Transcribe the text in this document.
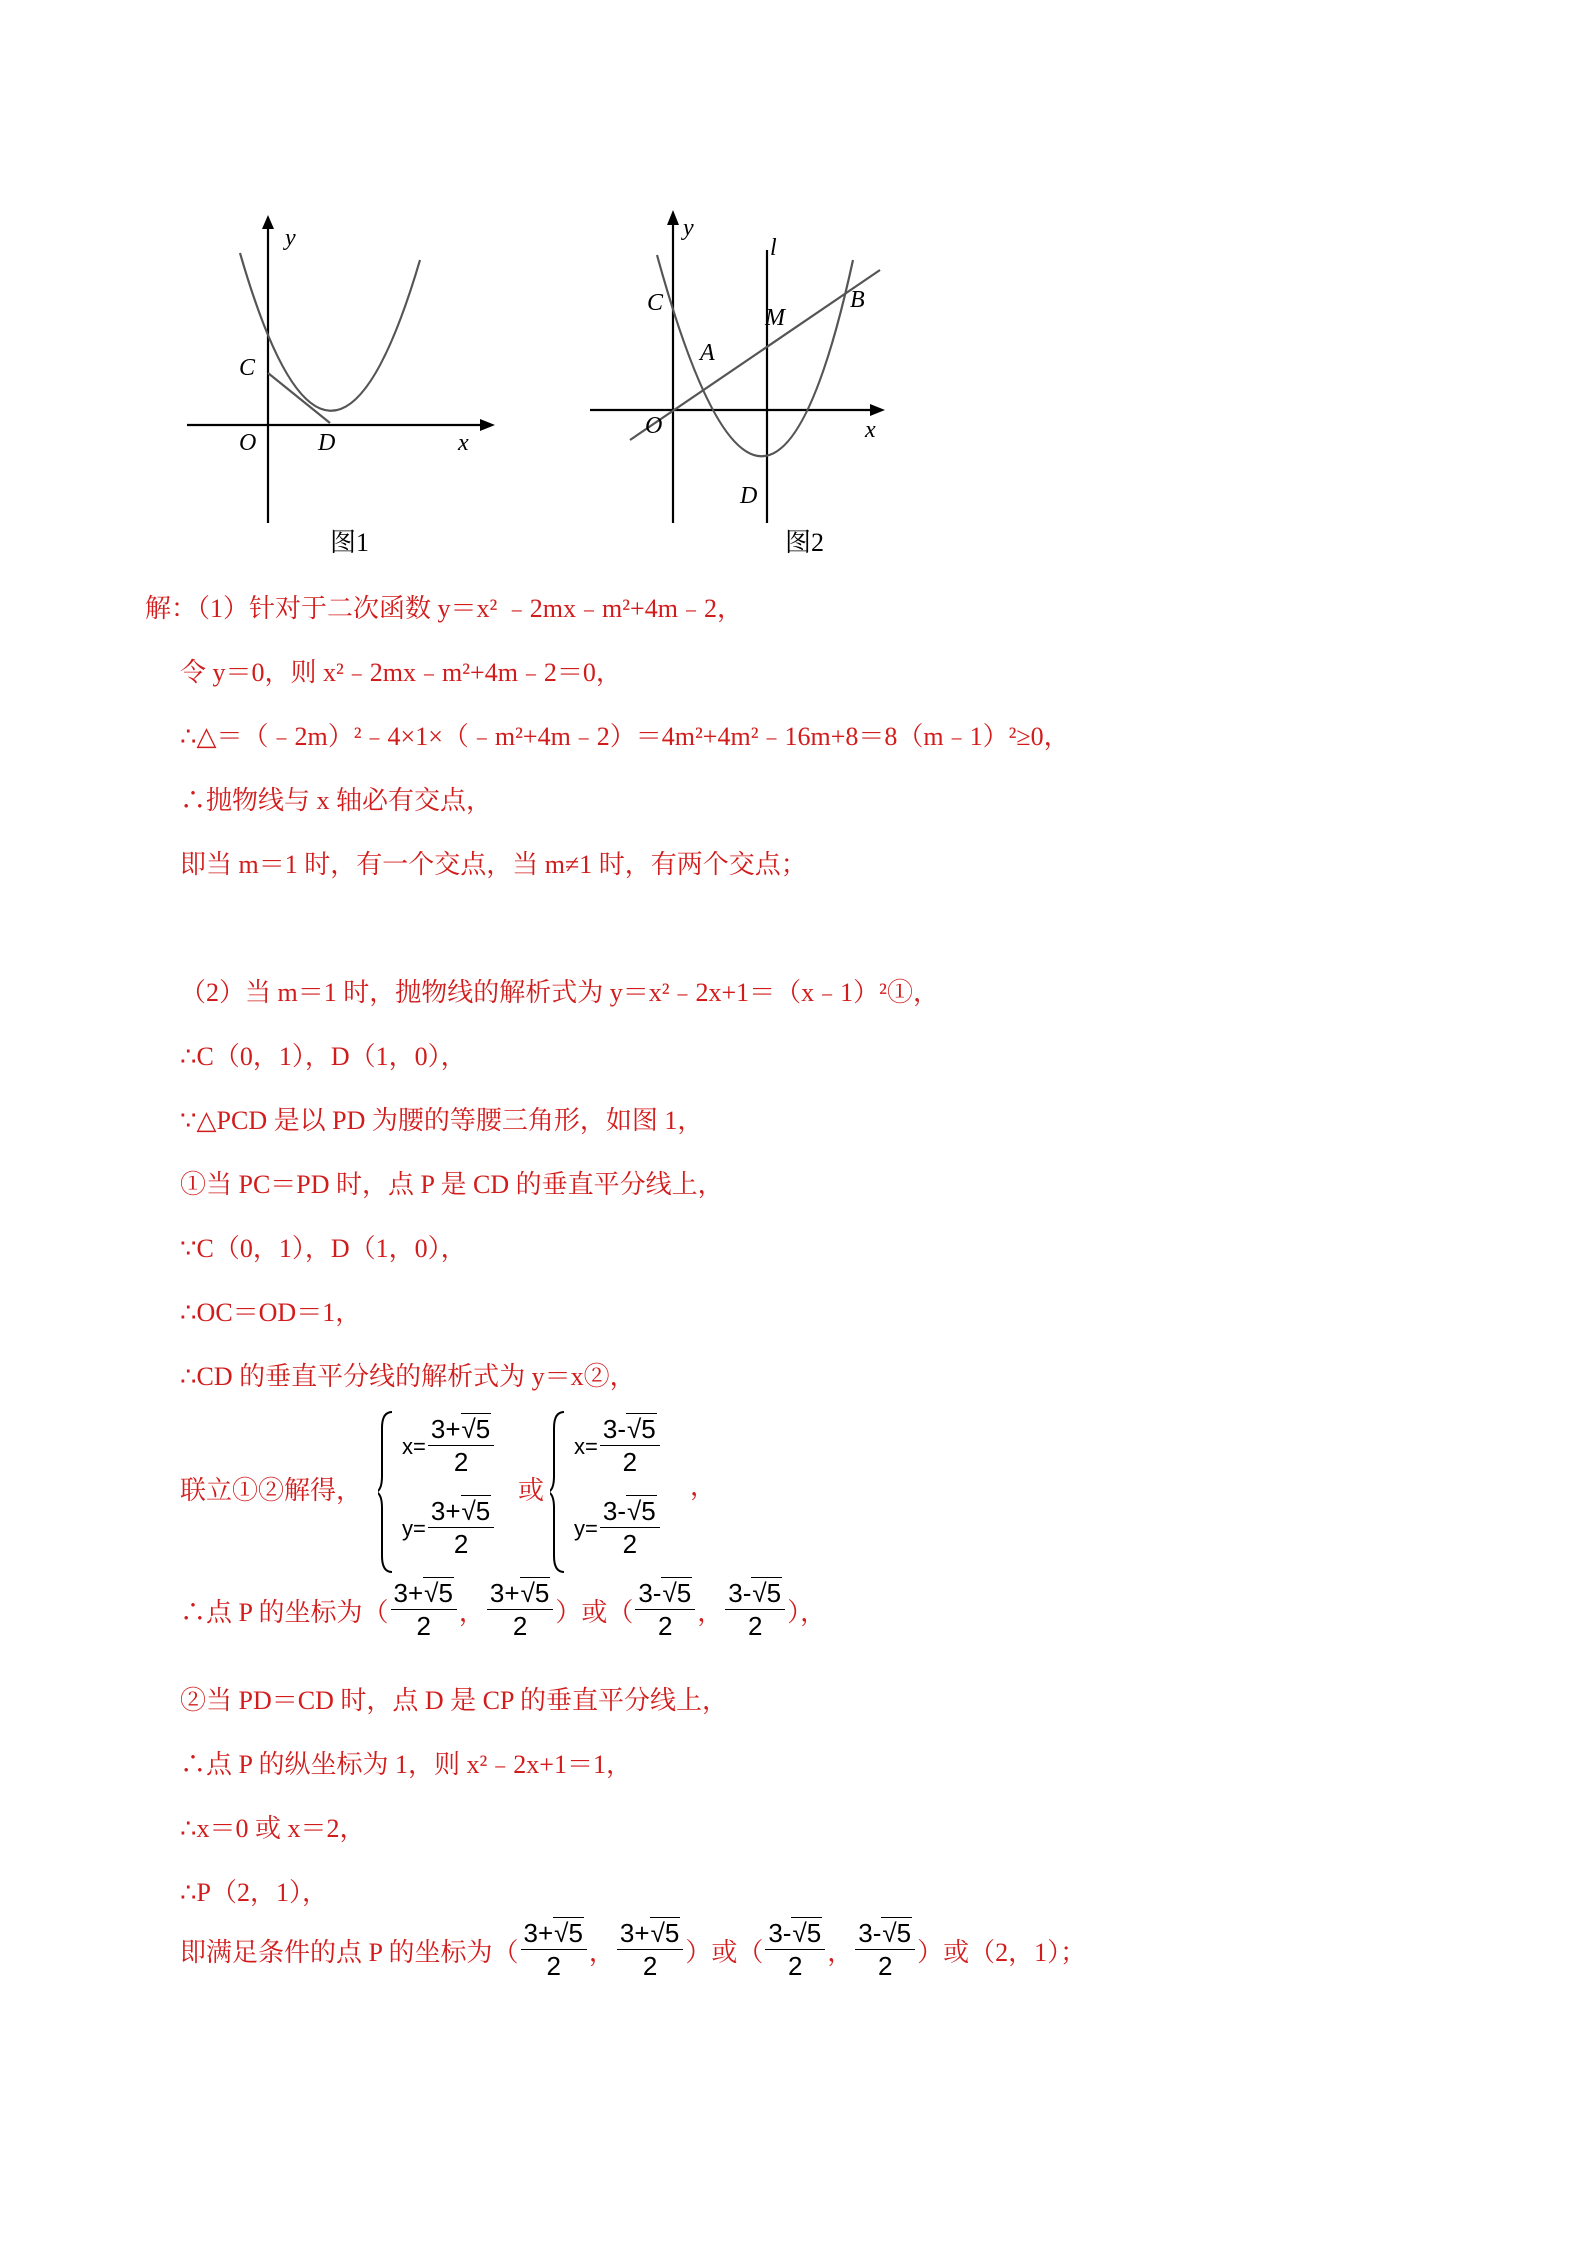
y
x
O
C
D
图1
y
x
l
O
C
A
M
B
D
图2
解：（1）针对于二次函数 y＝x² ﹣2mx﹣m²+4m﹣2，
令 y＝0，则 x²﹣2mx﹣m²+4m﹣2＝0，
∴△＝（﹣2m）²﹣4×1×（﹣m²+4m﹣2）＝4m²+4m²﹣16m+8＝8（m﹣1）²≥0，
∴抛物线与 x 轴必有交点，
即当 m＝1 时，有一个交点，当 m≠1 时，有两个交点；
（2）当 m＝1 时，抛物线的解析式为 y＝x²﹣2x+1＝（x﹣1）²①，
∴C（0，1），D（1，0），
∵△PCD 是以 PD 为腰的等腰三角形，如图 1，
①当 PC＝PD 时，点 P 是 CD 的垂直平分线上，
∵C（0，1），D（1，0），
∴OC＝OD＝1，
∴CD 的垂直平分线的解析式为 y＝x②，
联立①②解得，
$x= \frac{3+√5}{2}$
$y= \frac{3+√5}{2}$
或
$x= \frac{3-√5}{2}$
$y= \frac{3-√5}{2}$
，
∴点 P 的坐标为（ $\frac{3+√5}{2}$ ， $\frac{3+√5}{2}$ ）或（ $\frac{3-√5}{2}$ ， $\frac{3-√5}{2}$ ），
②当 PD＝CD 时，点 D 是 CP 的垂直平分线上，
∴点 P 的纵坐标为 1，则 x²﹣2x+1＝1，
∴x＝0 或 x＝2，
∴P（2，1），
即满足条件的点 P 的坐标为（ $\frac{3+√5}{2}$ ， $\frac{3+√5}{2}$ ）或（ $\frac{3-√5}{2}$ ， $\frac{3-√5}{2}$ ）或（2，1）；
